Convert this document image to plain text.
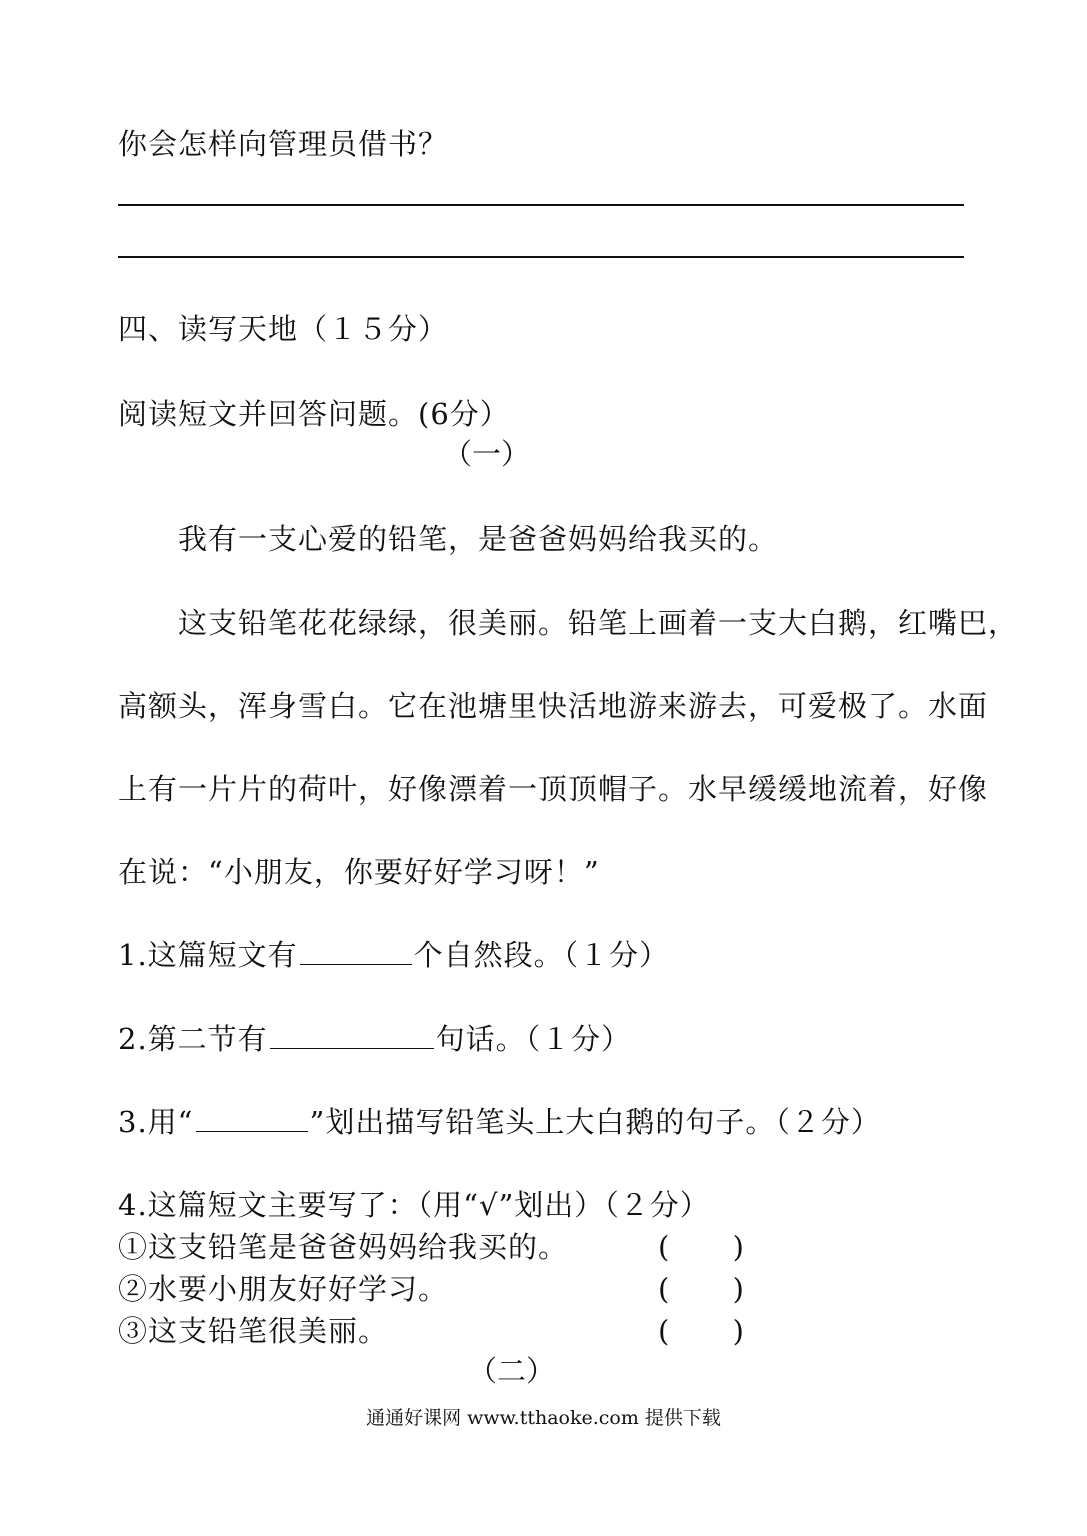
你会怎样向管理员借书？
四、读写天地（１５分）
阅读短文并回答问题。(6分）
（一）
我有一支心爱的铅笔，是爸爸妈妈给我买的。
这支铅笔花花绿绿，很美丽。铅笔上画着一支大白鹅，红嘴巴，
高额头，浑身雪白。它在池塘里快活地游来游去，可爱极了。水面
上有一片片的荷叶，好像漂着一顶顶帽子。水早缓缓地流着，好像
在说：“小朋友，你要好好学习呀！”
1.这篇短文有	个自然段。（１分）
2.第二节有	句话。（１分）
3.用“	”划出描写铅笔头上大白鹅的句子。（２分）
4.这篇短文主要写了：（用“√”划出）（２分）
①这支铅笔是爸爸妈妈给我买的。	( )
②水要小朋友好好学习。	( )
③这支铅笔很美丽。	( )
（二）
通通好课网 www.tthaoke.com 提供下载
